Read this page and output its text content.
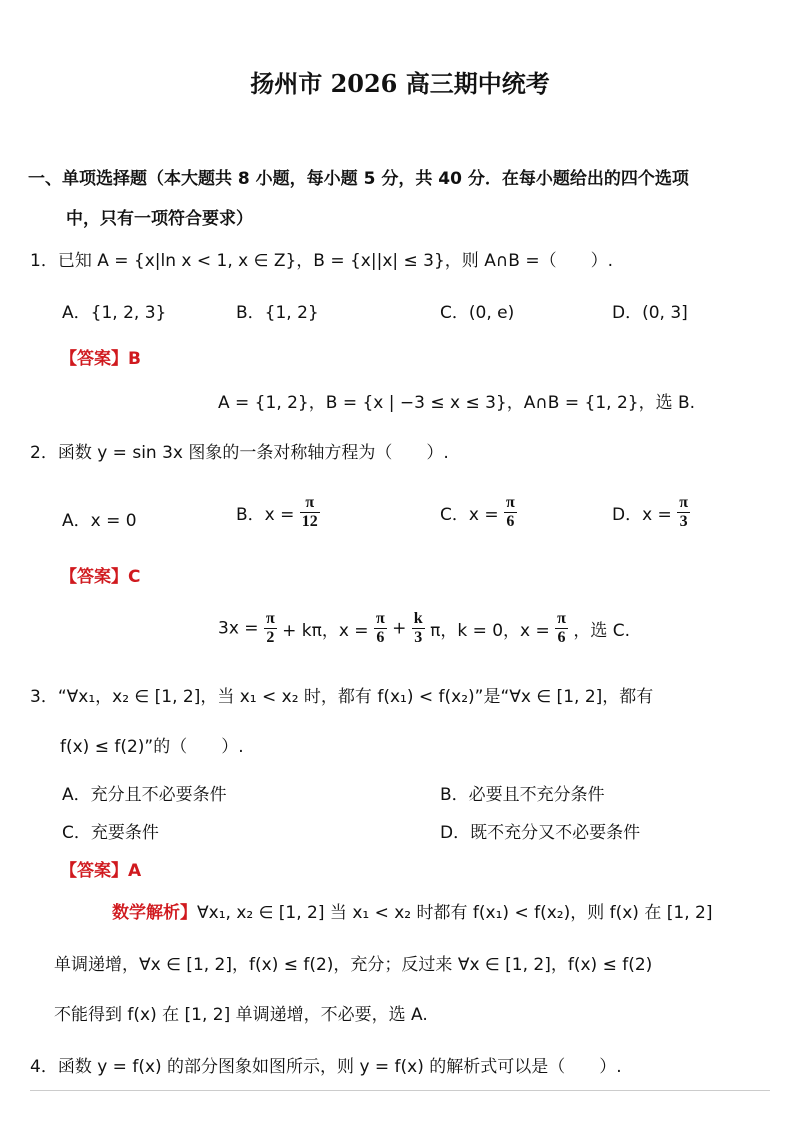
扬州市 2026 高三期中统考
一、单项选择题（本大题共 8 小题，每小题 5 分，共 40 分．在每小题给出的四个选项
中，只有一项符合要求）
1．已知 A = {x|ln x < 1, x ∈ Z}，B = {x||x| ≤ 3}，则 A∩B =（　　）.
A．{1, 2, 3}	B．{1, 2}	C．(0, e)	D．(0, 3]
【答案】B
A = {1, 2}，B = {x | −3 ≤ x ≤ 3}，A∩B = {1, 2}，选 B.
2．函数 y = sin 3x 图象的一条对称轴方程为（　　）.
A．x = 0	B．$x = \frac{\pi}{12}$	C．$x = \frac{\pi}{6}$	D．$x = \frac{\pi}{3}$
【答案】C
$3x = \frac{\pi}{2} + k\pi$，$x = \frac{\pi}{6} + \frac{k}{3}$ π，k = 0，$x = \frac{\pi}{6}$ ，选 C.
3．“∀x₁，x₂ ∈ [1, 2]，当 x₁ < x₂ 时，都有 f(x₁) < f(x₂)”是“∀x ∈ [1, 2]，都有
f(x) ≤ f(2)”的（　　）.
A．充分且不必要条件	B．必要且不充分条件
C．充要条件	D．既不充分又不必要条件
【答案】A
数学解析】∀x₁, x₂ ∈ [1, 2] 当 x₁ < x₂ 时都有 f(x₁) < f(x₂)，则 f(x) 在 [1, 2]
单调递增，∀x ∈ [1, 2]，f(x) ≤ f(2)，充分；反过来 ∀x ∈ [1, 2]，f(x) ≤ f(2)
不能得到 f(x) 在 [1, 2] 单调递增，不必要，选 A.
4．函数 y = f(x) 的部分图象如图所示，则 y = f(x) 的解析式可以是（　　）.
